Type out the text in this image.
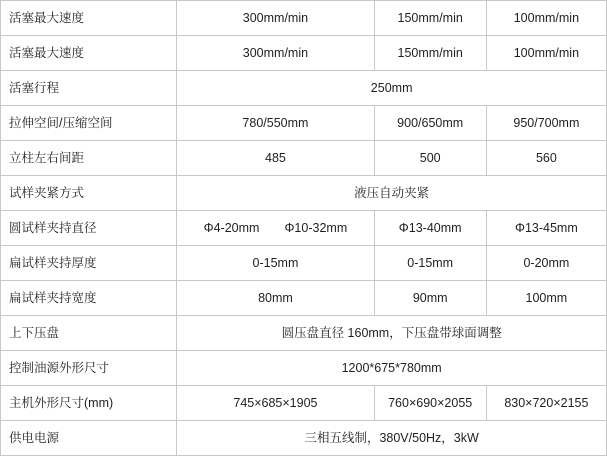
活塞最大速度	300mm/min	150mm/min	100mm/min
活塞最大速度	300mm/min	150mm/min	100mm/min
活塞行程	250mm		
拉伸空间/压缩空间	780/550mm	900/650mm	950/700mm
立柱左右间距	485	500	560
试样夹紧方式	液压自动夹紧		
圆试样夹持直径	Φ4-20mm　　Φ10-32mm	Φ13-40mm	Φ13-45mm
扁试样夹持厚度	0-15mm	0-15mm	0-20mm
扁试样夹持宽度	80mm	90mm	100mm
上下压盘	圆压盘直径 160mm，下压盘带球面调整		
控制油源外形尺寸	1200*675*780mm		
主机外形尺寸(mm)	745×685×1905	760×690×2055	830×720×2155
供电电源	三相五线制，380V/50Hz，3kW		
